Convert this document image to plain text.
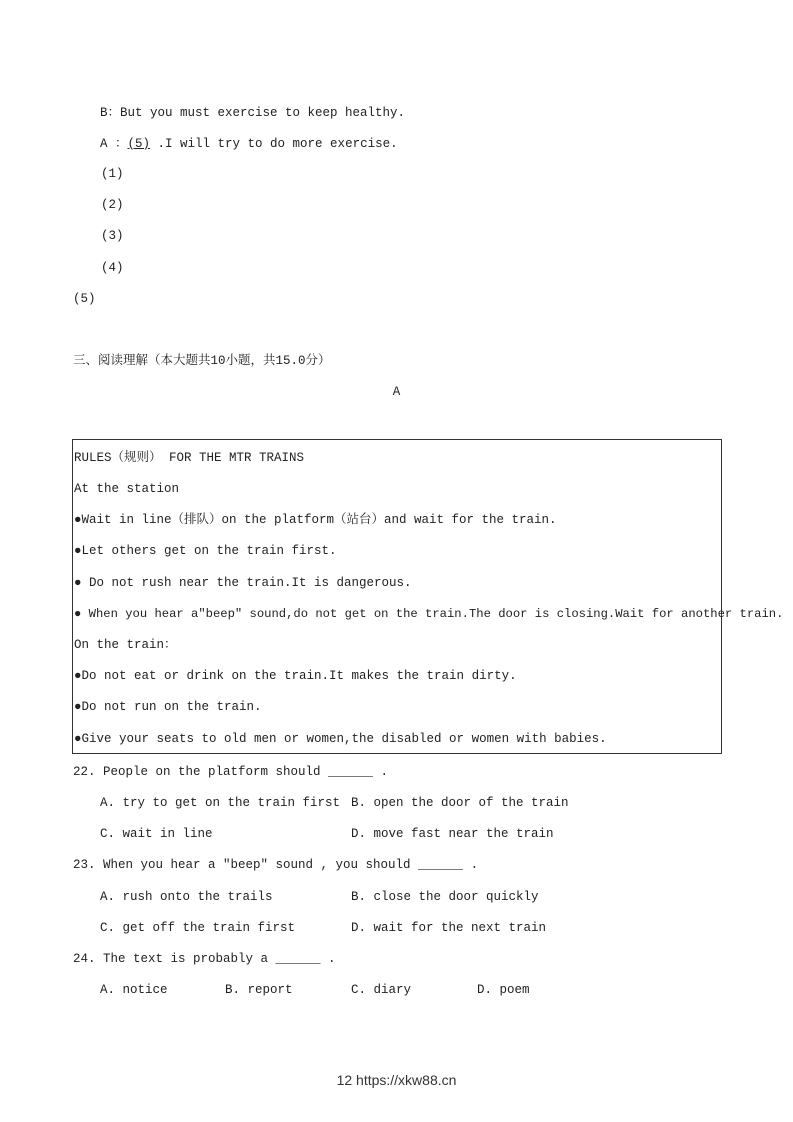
B：But you must exercise to keep healthy.
A ：(5) .I will try to do more exercise.
(1)
(2)
(3)
(4)
(5)
三、阅读理解（本大题共10小题，共15.0分）
A
RULES（规则） FOR THE MTR TRAINS
At the station
●Wait in line（排队）on the platform（站台）and wait for the train.
●Let others get on the train first.
● Do not rush near the train.It is dangerous.
● When you hear a"beep" sound,do not get on the train.The door is closing.Wait for another train.
On the train：
●Do not eat or drink on the train.It makes the train dirty.
●Do not run on the train.
●Give your seats to old men or women,the disabled or women with babies.
22. People on the platform should ______ .
A. try to get on the train first B. open the door of the train
C. wait in line	D. move fast near the train
23. When you hear a "beep" sound , you should ______ .
A. rush onto the trails	B. close the door quickly
C. get off the train first	D. wait for the next train
24. The text is probably a ______ .
A. notice	B. report	C. diary	D. poem
12 https://xkw88.cn
